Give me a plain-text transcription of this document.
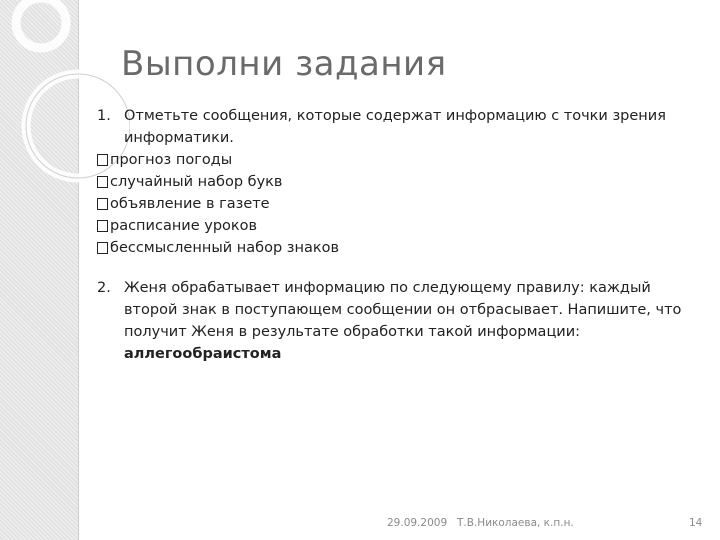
Выполни задания
1. Отметьте сообщения, которые содержат информацию с точки зрения
информатики.
прогноз погоды
случайный набор букв
объявление в газете
расписание уроков
бессмысленный набор знаков
2. Женя обрабатывает информацию по следующему правилу: каждый второй знак в поступающем сообщении он отбрасывает. Напишите, что получит Женя в результате обработки такой информации:
аллегообраистома
29.09.2009 Т.В.Николаева, к.п.н.	14
